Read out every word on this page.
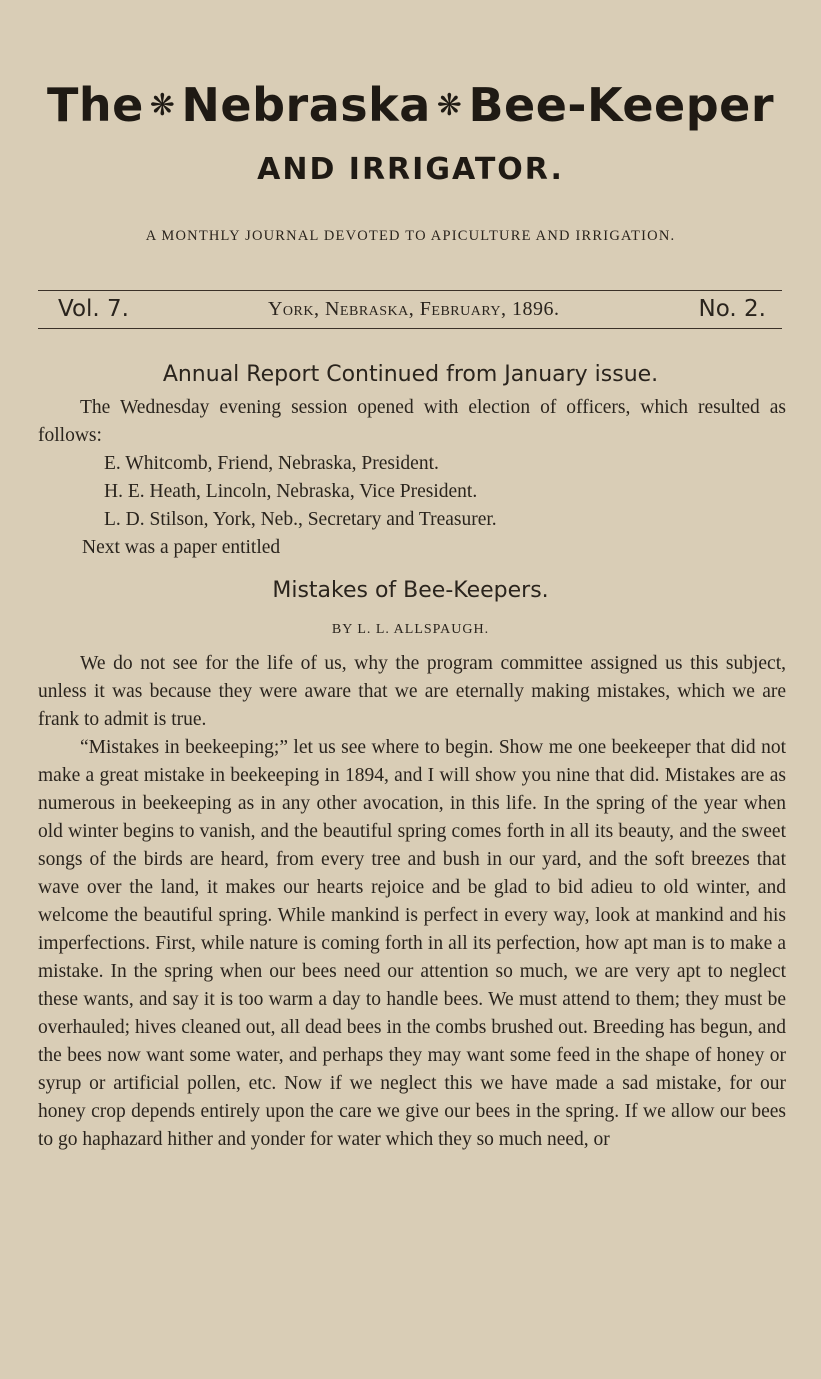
The ❋ Nebraska ❋ Bee-Keeper
AND IRRIGATOR.
A MONTHLY JOURNAL DEVOTED TO APICULTURE AND IRRIGATION.
Vol. 7.	York, Nebraska, February, 1896.	No. 2.
Annual Report Continued from January issue.

The Wednesday evening session opened with election of officers, which resulted as follows:

E. Whitcomb, Friend, Nebraska, President.

H. E. Heath, Lincoln, Nebraska, Vice President.

L. D. Stilson, York, Neb., Secretary and Treasurer.

Next was a paper entitled

Mistakes of Bee-Keepers.
BY L. L. ALLSPAUGH.

We do not see for the life of us, why the program committee assigned us this subject, unless it was because they were aware that we are eternally making mistakes, which we are frank to admit is true.

“Mistakes in beekeeping;” let us see where to begin. Show me one beekeeper that did not make a great mistake in beekeeping in 1894, and I will show you nine that did. Mistakes are as numerous in beekeeping as in any other avocation, in this life. In the spring of the year when old winter begins to vanish, and the beautiful spring comes forth in all its beauty, and the sweet songs of the birds are heard, from every tree and bush in our yard, and the soft breezes that wave over the land, it makes our hearts rejoice and be glad to bid adieu to old winter, and welcome the beautiful spring. While mankind is perfect in every way, look at mankind and his imperfections. First, while nature is coming forth in all its perfection, how apt man is to make a mistake. In the spring when our bees need our attention so much, we are very apt to neglect these wants, and say it is too warm a day to handle bees. We must attend to them; they must be overhauled; hives cleaned out, all dead bees in the combs brushed out. Breeding has begun, and the bees now want some water, and perhaps they may want some feed in the shape of honey or syrup or artificial pollen, etc. Now if we neglect this we have made a sad mistake, for our honey crop depends entirely upon the care we give our bees in the spring. If we allow our bees to go haphazard hither and yonder for water which they so much need, or
